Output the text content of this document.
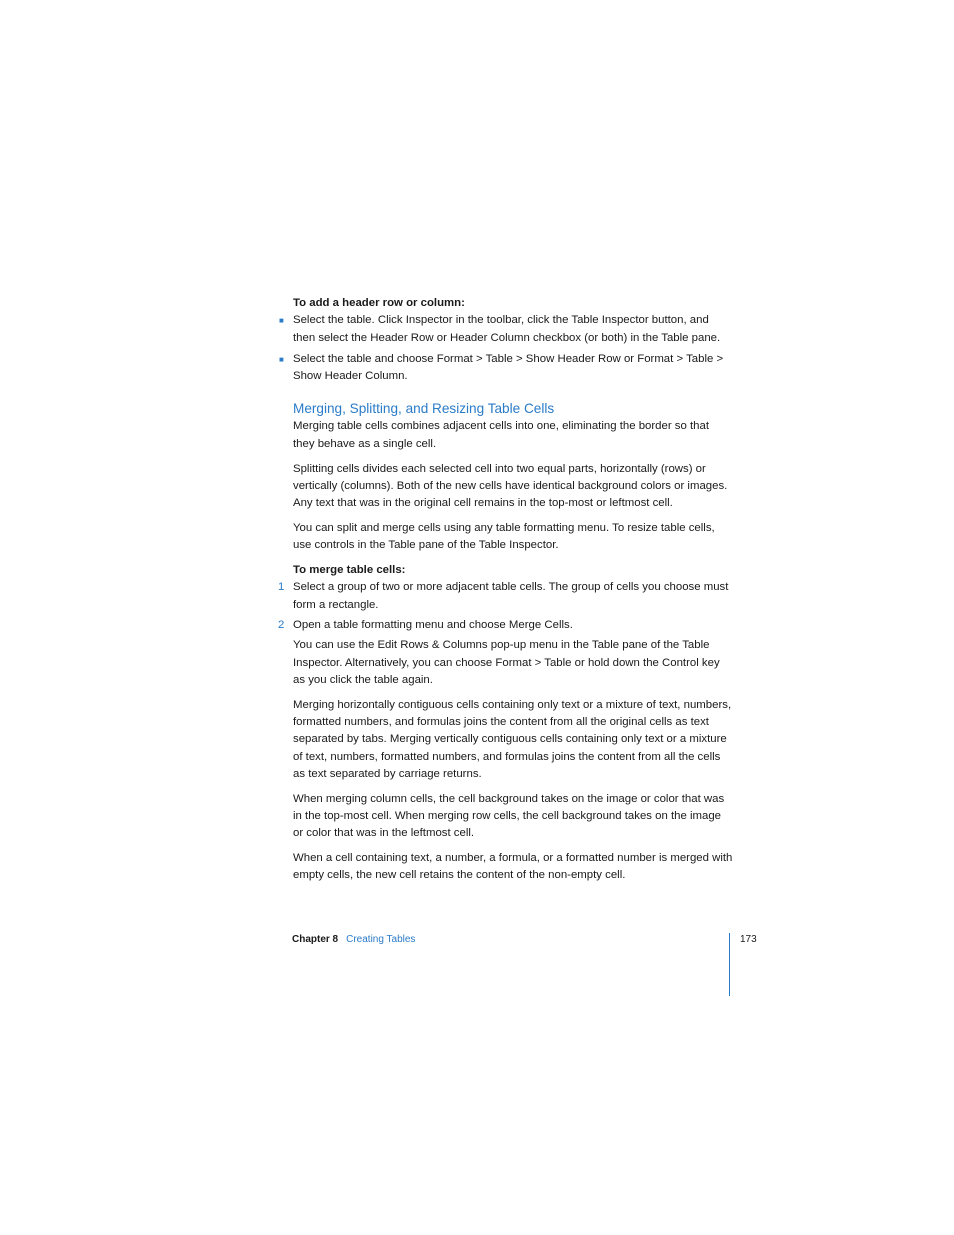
To add a header row or column:

■ Select the table. Click Inspector in the toolbar, click the Table Inspector button, and then select the Header Row or Header Column checkbox (or both) in the Table pane.
■ Select the table and choose Format > Table > Show Header Row or Format > Table > Show Header Column.
Merging, Splitting, and Resizing Table Cells

Merging table cells combines adjacent cells into one, eliminating the border so that they behave as a single cell.

Splitting cells divides each selected cell into two equal parts, horizontally (rows) or vertically (columns). Both of the new cells have identical background colors or images. Any text that was in the original cell remains in the top-most or leftmost cell.

You can split and merge cells using any table formatting menu. To resize table cells, use controls in the Table pane of the Table Inspector.

To merge table cells:

1 Select a group of two or more adjacent table cells. The group of cells you choose must form a rectangle.
2 Open a table formatting menu and choose Merge Cells.

You can use the Edit Rows & Columns pop-up menu in the Table pane of the Table Inspector. Alternatively, you can choose Format > Table or hold down the Control key as you click the table again.

Merging horizontally contiguous cells containing only text or a mixture of text, numbers, formatted numbers, and formulas joins the content from all the original cells as text separated by tabs. Merging vertically contiguous cells containing only text or a mixture of text, numbers, formatted numbers, and formulas joins the content from all the cells as text separated by carriage returns.

When merging column cells, the cell background takes on the image or color that was in the top-most cell. When merging row cells, the cell background takes on the image or color that was in the leftmost cell.

When a cell containing text, a number, a formula, or a formatted number is merged with empty cells, the new cell retains the content of the non-empty cell.

Chapter 8 Creating Tables	173
